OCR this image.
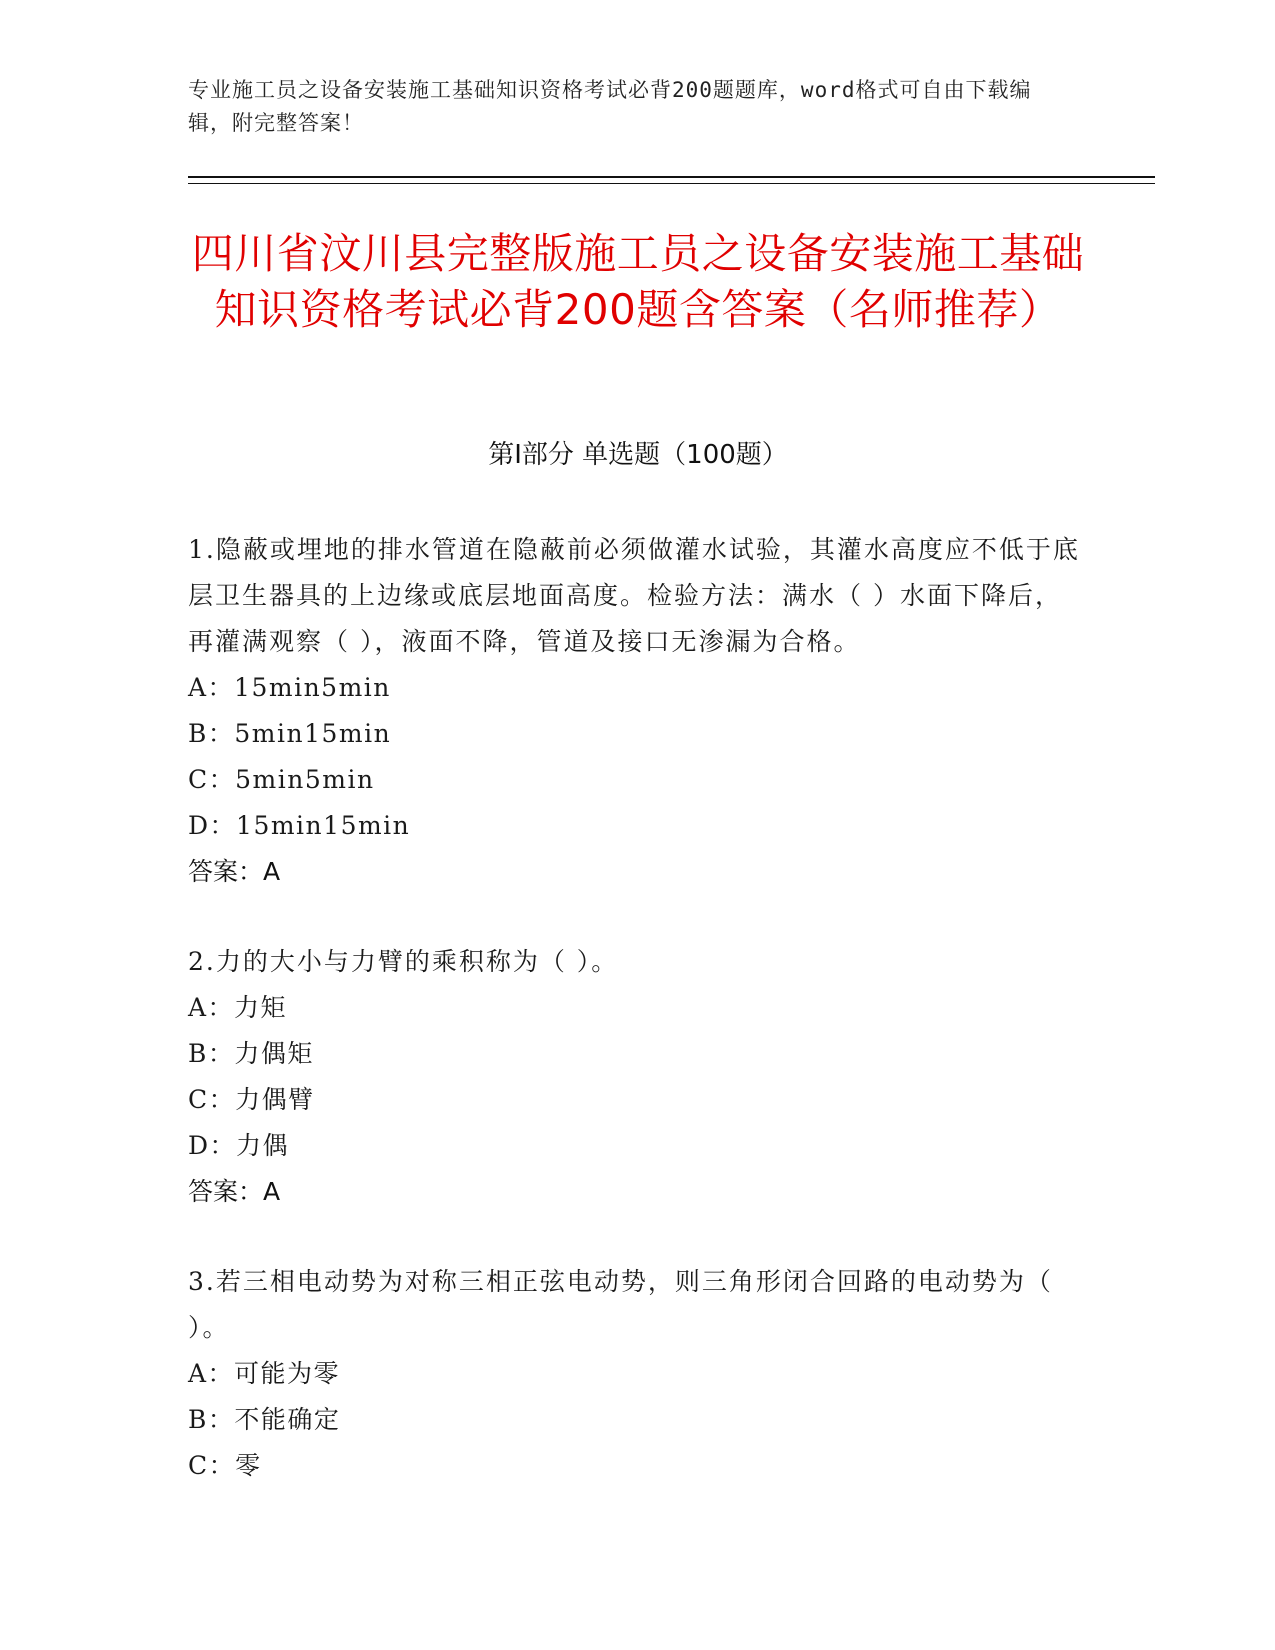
专业施工员之设备安装施工基础知识资格考试必背200题题库，word格式可自由下载编辑，附完整答案！
四川省汶川县完整版施工员之设备安装施工基础知识资格考试必背200题含答案（名师推荐）
第I部分 单选题（100题）
1.隐蔽或埋地的排水管道在隐蔽前必须做灌水试验，其灌水高度应不低于底层卫生器具的上边缘或底层地面高度。检验方法：满水（ ）水面下降后，再灌满观察（ ），液面不降，管道及接口无渗漏为合格。
A：15min5min
B：5min15min
C：5min5min
D：15min15min
答案：A
2.力的大小与力臂的乘积称为（ ）。
A：力矩
B：力偶矩
C：力偶臂
D：力偶
答案：A
3.若三相电动势为对称三相正弦电动势，则三角形闭合回路的电动势为（ ）。
A：可能为零
B：不能确定
C：零
